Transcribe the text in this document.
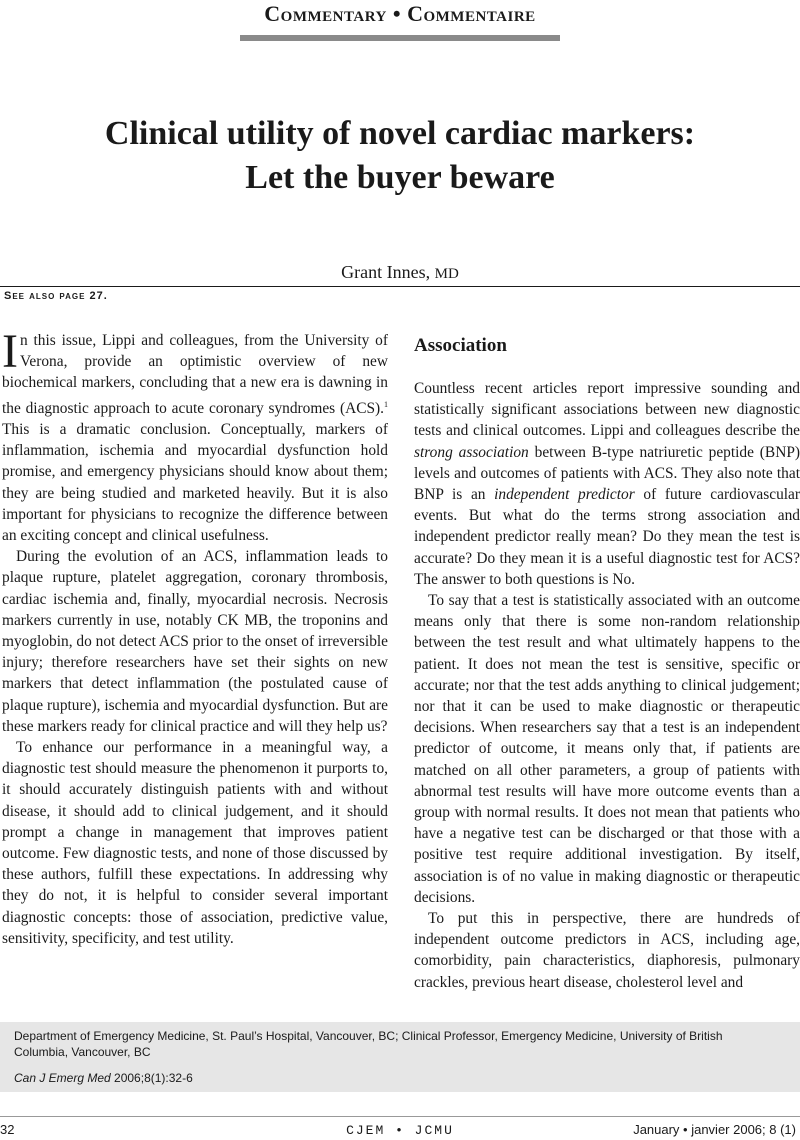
Commentary • Commentaire
Clinical utility of novel cardiac markers:
Let the buyer beware
Grant Innes, MD
See also page 27.

In this issue, Lippi and colleagues, from the University of Verona, provide an optimistic overview of new biochemical markers, concluding that a new era is dawning in the diagnostic approach to acute coronary syndromes (ACS).$^1$ This is a dramatic conclusion. Conceptually, markers of inflammation, ischemia and myocardial dysfunction hold promise, and emergency physicians should know about them; they are being studied and marketed heavily. But it is also important for physicians to recognize the difference between an exciting concept and clinical usefulness.

During the evolution of an ACS, inflammation leads to plaque rupture, platelet aggregation, coronary thrombosis, cardiac ischemia and, finally, myocardial necrosis. Necrosis markers currently in use, notably CK MB, the troponins and myoglobin, do not detect ACS prior to the onset of irreversible injury; therefore researchers have set their sights on new markers that detect inflammation (the postulated cause of plaque rupture), ischemia and myocardial dysfunction. But are these markers ready for clinical practice and will they help us?

To enhance our performance in a meaningful way, a diagnostic test should measure the phenomenon it purports to, it should accurately distinguish patients with and without disease, it should add to clinical judgement, and it should prompt a change in management that improves patient outcome. Few diagnostic tests, and none of those discussed by these authors, fulfill these expectations. In addressing why they do not, it is helpful to consider several important diagnostic concepts: those of association, predictive value, sensitivity, specificity, and test utility.

Association

Countless recent articles report impressive sounding and statistically significant associations between new diagnostic tests and clinical outcomes. Lippi and colleagues describe the strong association between B-type natriuretic peptide (BNP) levels and outcomes of patients with ACS. They also note that BNP is an independent predictor of future cardiovascular events. But what do the terms strong association and independent predictor really mean? Do they mean the test is accurate? Do they mean it is a useful diagnostic test for ACS? The answer to both questions is No.

To say that a test is statistically associated with an outcome means only that there is some non-random relationship between the test result and what ultimately happens to the patient. It does not mean the test is sensitive, specific or accurate; nor that the test adds anything to clinical judgement; nor that it can be used to make diagnostic or therapeutic decisions. When researchers say that a test is an independent predictor of outcome, it means only that, if patients are matched on all other parameters, a group of patients with abnormal test results will have more outcome events than a group with normal results. It does not mean that patients who have a negative test can be discharged or that those with a positive test require additional investigation. By itself, association is of no value in making diagnostic or therapeutic decisions.

To put this in perspective, there are hundreds of independent outcome predictors in ACS, including age, comorbidity, pain characteristics, diaphoresis, pulmonary crackles, previous heart disease, cholesterol level and

Department of Emergency Medicine, St. Paul’s Hospital, Vancouver, BC; Clinical Professor, Emergency Medicine, University of British Columbia, Vancouver, BC
Can J Emerg Med 2006;8(1):32-6
32	CJEM • JCMU	January • janvier 2006; 8 (1)
